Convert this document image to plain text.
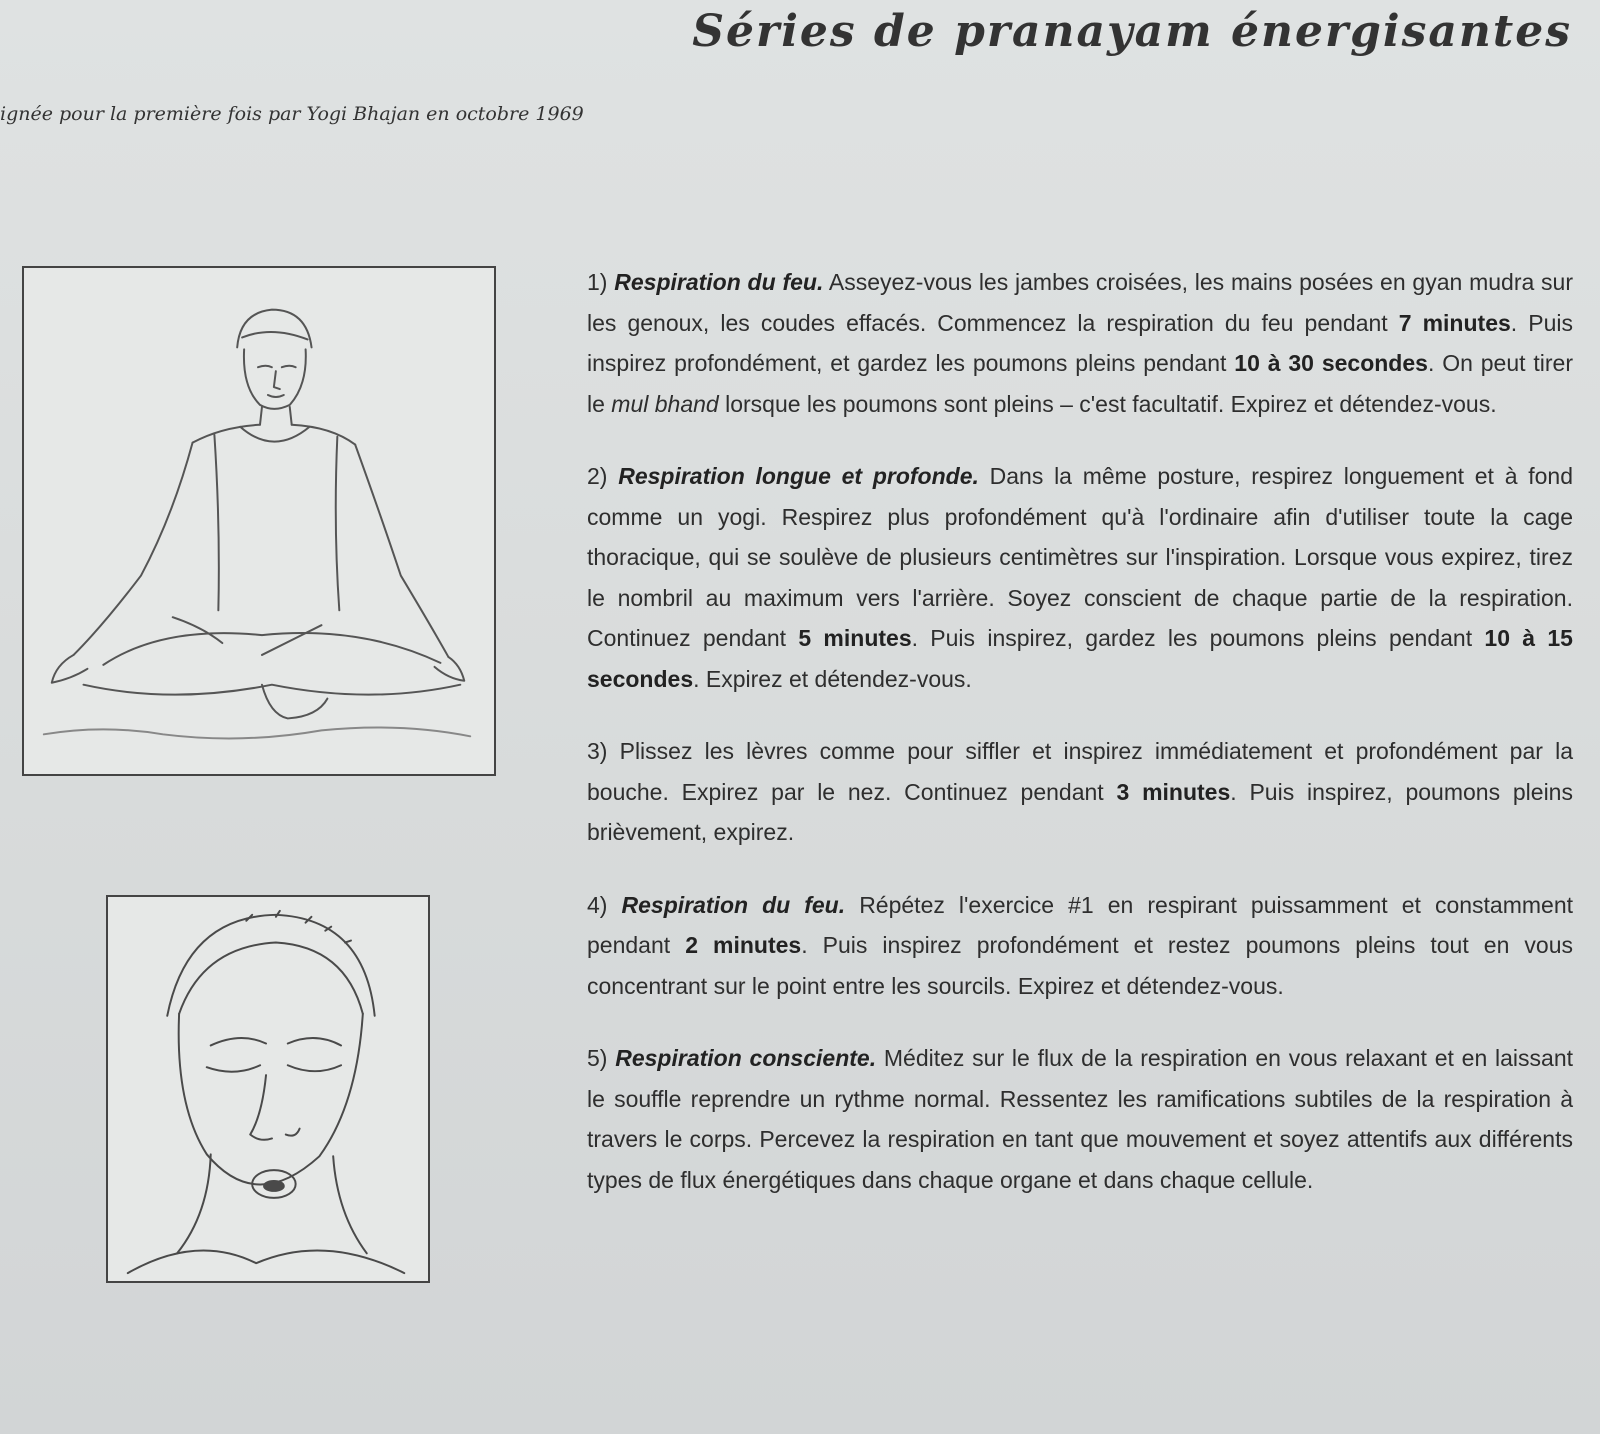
Séries de pranayam énergisantes

ignée pour la première fois par Yogi Bhajan en octobre 1969

1) Respiration du feu. Asseyez-vous les jambes croisées, les mains posées en gyan mudra sur les genoux, les coudes effacés. Commencez la respiration du feu pendant 7 minutes. Puis inspirez profondément, et gardez les poumons pleins pendant 10 à 30 secondes. On peut tirer le mul bhand lorsque les poumons sont pleins – c'est facultatif. Expirez et détendez-vous.

2) Respiration longue et profonde. Dans la même posture, respirez longuement et à fond comme un yogi. Respirez plus profondément qu'à l'ordinaire afin d'utiliser toute la cage thoracique, qui se soulève de plusieurs centimètres sur l'inspiration. Lorsque vous expirez, tirez le nombril au maximum vers l'arrière. Soyez conscient de chaque partie de la respiration. Continuez pendant 5 minutes. Puis inspirez, gardez les poumons pleins pendant 10 à 15 secondes. Expirez et détendez-vous.

3) Plissez les lèvres comme pour siffler et inspirez immédiatement et profondément par la bouche. Expirez par le nez. Continuez pendant 3 minutes. Puis inspirez, poumons pleins brièvement, expirez.

4) Respiration du feu. Répétez l'exercice #1 en respirant puissamment et constamment pendant 2 minutes. Puis inspirez profondément et restez poumons pleins tout en vous concentrant sur le point entre les sourcils. Expirez et détendez-vous.

5) Respiration consciente. Méditez sur le flux de la respiration en vous relaxant et en laissant le souffle reprendre un rythme normal. Ressentez les ramifications subtiles de la respiration à travers le corps. Percevez la respiration en tant que mouvement et soyez attentifs aux différents types de flux énergétiques dans chaque organe et dans chaque cellule.
